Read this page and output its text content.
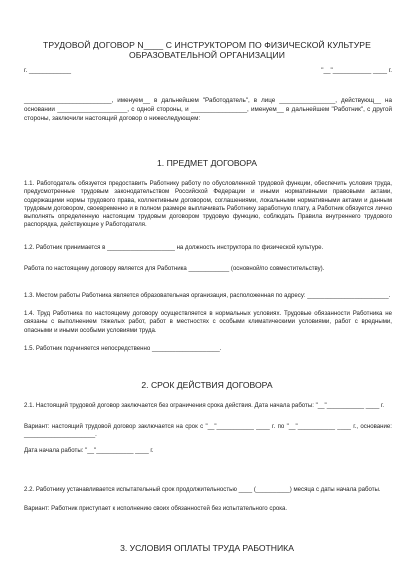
ТРУДОВОЙ ДОГОВОР N____ С ИНСТРУКТОРОМ ПО ФИЗИЧЕСКОЙ КУЛЬТУРЕ
ОБРАЗОВАТЕЛЬНОЙ ОРГАНИЗАЦИИ
г. ____________	"__"___________ ____ г.
_________________________, именуем__ в дальнейшем "Работодатель", в лице ________________, действующ__ на основании ____________________, с одной стороны, и ________________, именуем__ в дальнейшем "Работник", с другой стороны, заключили настоящий договор о нижеследующем:
1. ПРЕДМЕТ ДОГОВОРА
1.1. Работодатель обязуется предоставить Работнику работу по обусловленной трудовой функции, обеспечить условия труда, предусмотренные трудовым законодательством Российской Федерации и иными нормативными правовыми актами, содержащими нормы трудового права, коллективным договором, соглашениями, локальными нормативными актами и данным трудовым договором, своевременно и в полном размере выплачивать Работнику заработную плату, а Работник обязуется лично выполнять определенную настоящим трудовым договором трудовую функцию, соблюдать Правила внутреннего трудового распорядка, действующие у Работодателя.
1.2. Работник принимается в ____________________ на должность инструктора по физической культуре.
Работа по настоящему договору является для Работника ____________ (основной/по совместительству).
1.3. Местом работы Работника является образовательная организация, расположенная по адресу: ________________________.
1.4. Труд Работника по настоящему договору осуществляется в нормальных условиях. Трудовые обязанности Работника не связаны с выполнением тяжелых работ, работ в местностях с особыми климатическими условиями, работ с вредными, опасными и иными особыми условиями труда.
1.5. Работник подчиняется непосредственно ____________________.
2. СРОК ДЕЙСТВИЯ ДОГОВОРА
2.1. Настоящий трудовой договор заключается без ограничения срока действия. Дата начала работы: "__"___________ ____ г.
Вариант: настоящий трудовой договор заключается на срок с "__"___________ ____ г. по "__"___________ ____ г., основание: _____________________.
Дата начала работы: "__"___________ ____ г.
2.2. Работнику устанавливается испытательный срок продолжительностью ____ (__________) месяца с даты начала работы.
Вариант: Работник приступает к исполнению своих обязанностей без испытательного срока.
3. УСЛОВИЯ ОПЛАТЫ ТРУДА РАБОТНИКА
